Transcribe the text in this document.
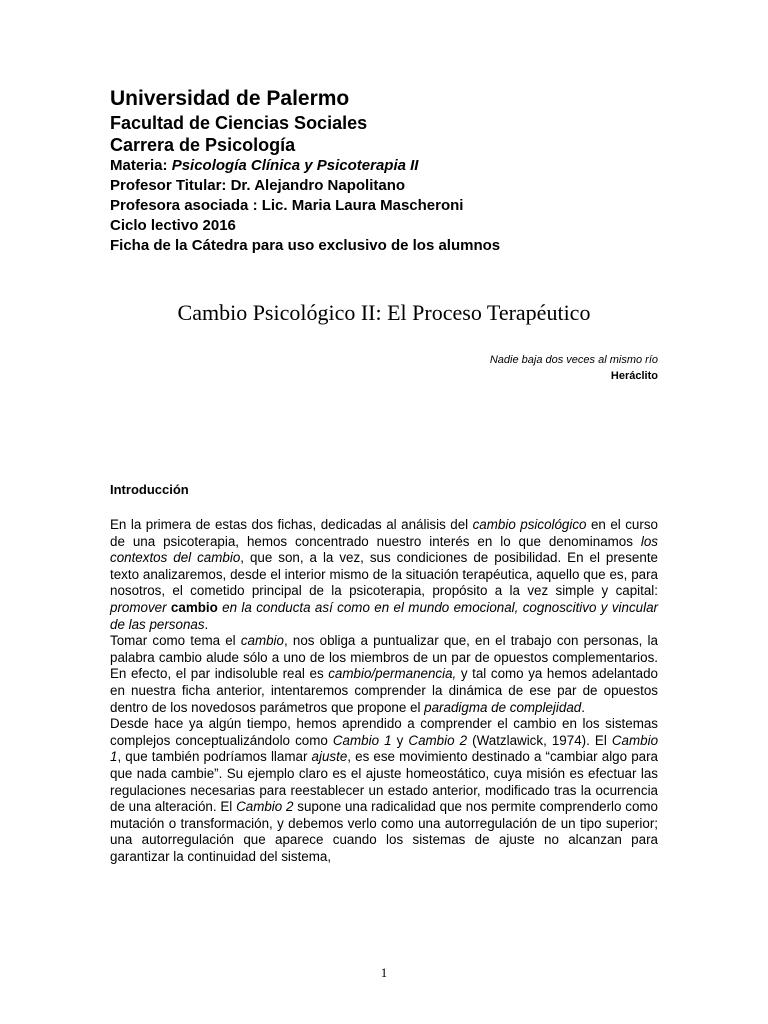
Universidad de Palermo
Facultad de Ciencias Sociales
Carrera de Psicología
Materia: Psicología Clínica y Psicoterapia II
Profesor Titular: Dr. Alejandro Napolitano
Profesora asociada : Lic. Maria Laura Mascheroni
Ciclo lectivo 2016
Ficha de la Cátedra para uso exclusivo de los alumnos
Cambio Psicológico II: El Proceso Terapéutico
Nadie baja dos veces al mismo río
Heráclito
Introducción

En la primera de estas dos fichas, dedicadas al análisis del cambio psicológico en el curso de una psicoterapia, hemos concentrado nuestro interés en lo que denominamos los contextos del cambio, que son, a la vez, sus condiciones de posibilidad. En el presente texto analizaremos, desde el interior mismo de la situación terapéutica, aquello que es, para nosotros, el cometido principal de la psicoterapia, propósito a la vez simple y capital: promover cambio en la conducta así como en el mundo emocional, cognoscitivo y vincular de las personas.

Tomar como tema el cambio, nos obliga a puntualizar que, en el trabajo con personas, la palabra cambio alude sólo a uno de los miembros de un par de opuestos complementarios. En efecto, el par indisoluble real es cambio/permanencia, y tal como ya hemos adelantado en nuestra ficha anterior, intentaremos comprender la dinámica de ese par de opuestos dentro de los novedosos parámetros que propone el paradigma de complejidad.

Desde hace ya algún tiempo, hemos aprendido a comprender el cambio en los sistemas complejos conceptualizándolo como Cambio 1 y Cambio 2 (Watzlawick, 1974). El Cambio 1, que también podríamos llamar ajuste, es ese movimiento destinado a “cambiar algo para que nada cambie”. Su ejemplo claro es el ajuste homeostático, cuya misión es efectuar las regulaciones necesarias para reestablecer un estado anterior, modificado tras la ocurrencia de una alteración. El Cambio 2 supone una radicalidad que nos permite comprenderlo como mutación o transformación, y debemos verlo como una autorregulación de un tipo superior; una autorregulación que aparece cuando los sistemas de ajuste no alcanzan para garantizar la continuidad del sistema,

1
